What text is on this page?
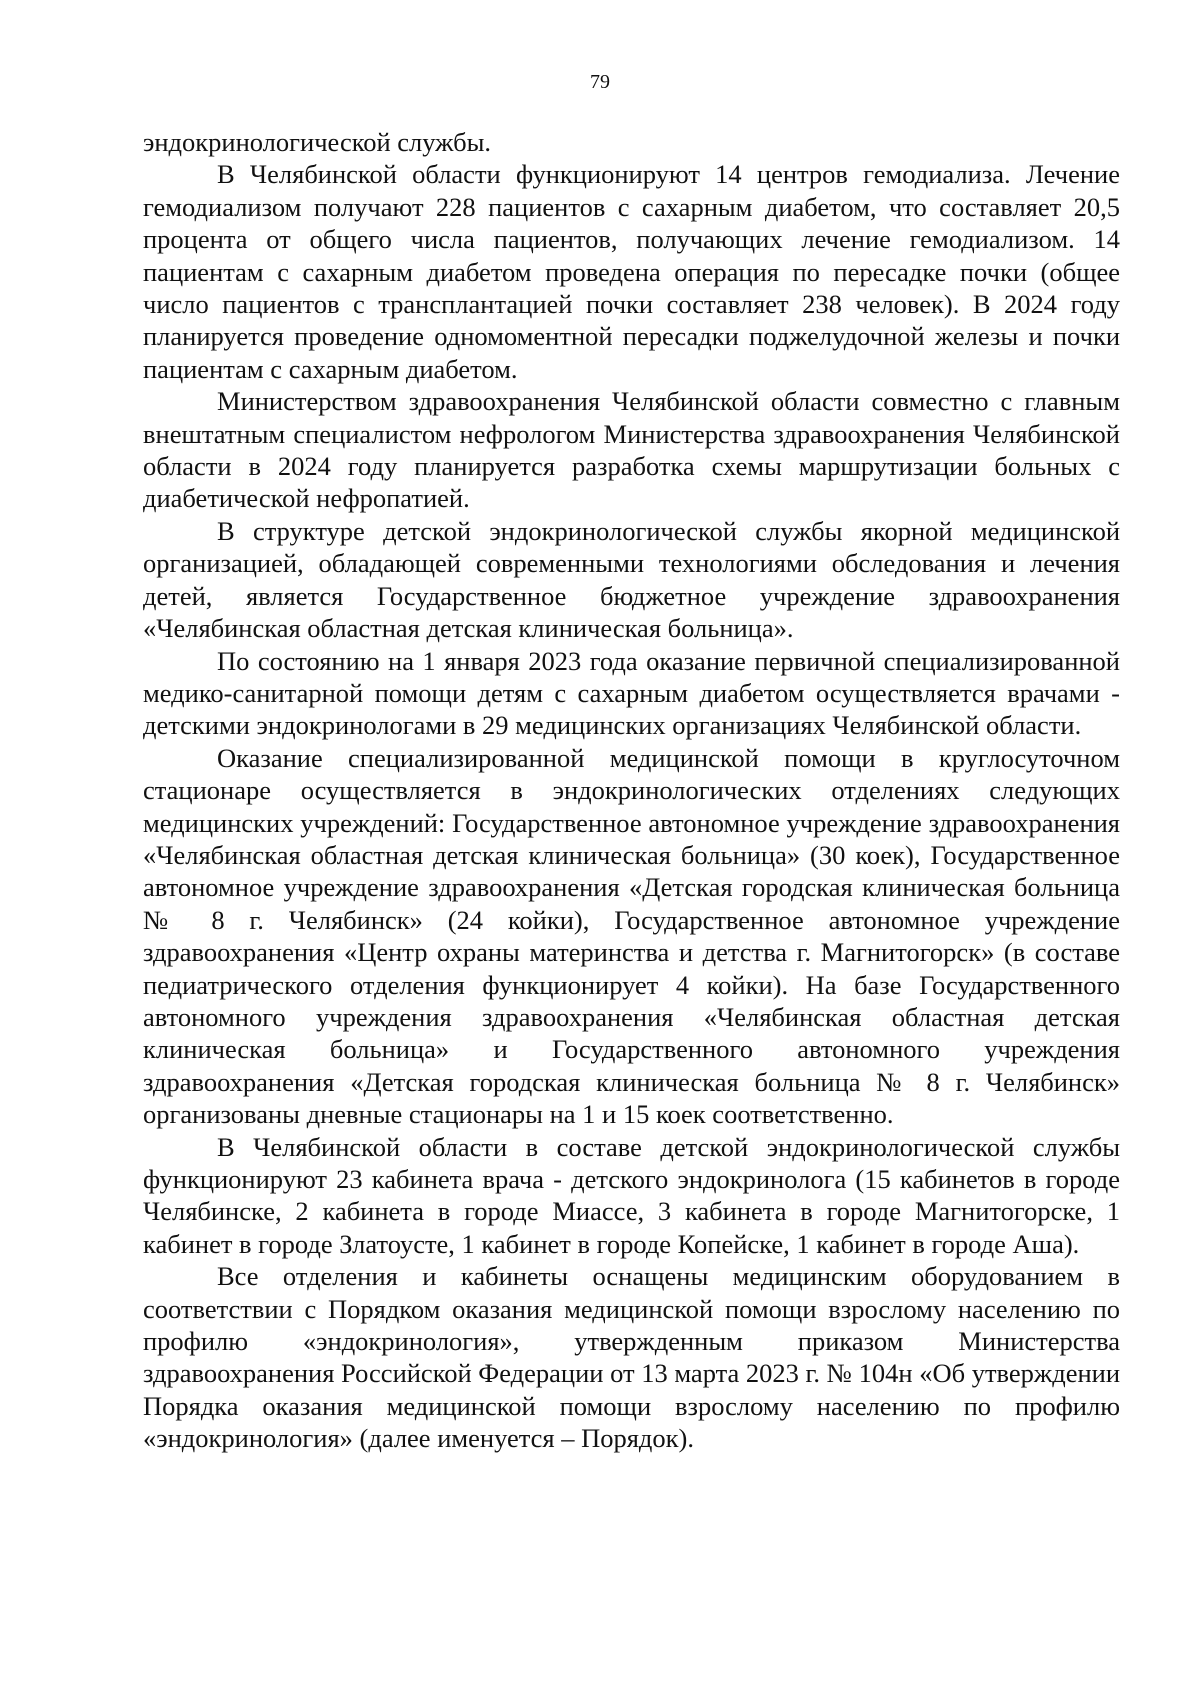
79

эндокринологической службы.

В Челябинской области функционируют 14 центров гемодиализа. Лечение гемодиализом получают 228 пациентов с сахарным диабетом, что составляет 20,5 процента от общего числа пациентов, получающих лечение гемодиализом. 14 пациентам с сахарным диабетом проведена операция по пересадке почки (общее число пациентов с трансплантацией почки составляет 238 человек). В 2024 году планируется проведение одномоментной пересадки поджелудочной железы и почки пациентам с сахарным диабетом.

Министерством здравоохранения Челябинской области совместно с главным внештатным специалистом нефрологом Министерства здравоохранения Челябинской области в 2024 году планируется разработка схемы маршрутизации больных с диабетической нефропатией.

В структуре детской эндокринологической службы якорной медицинской организацией, обладающей современными технологиями обследования и лечения детей, является Государственное бюджетное учреждение здравоохранения «Челябинская областная детская клиническая больница».

По состоянию на 1 января 2023 года оказание первичной специализированной медико-санитарной помощи детям с сахарным диабетом осуществляется врачами - детскими эндокринологами в 29 медицинских организациях Челябинской области.

Оказание специализированной медицинской помощи в круглосуточном стационаре осуществляется в эндокринологических отделениях следующих медицинских учреждений: Государственное автономное учреждение здравоохранения «Челябинская областная детская клиническая больница» (30 коек), Государственное автономное учреждение здравоохранения «Детская городская клиническая больница № 8 г. Челябинск» (24 койки), Государственное автономное учреждение здравоохранения «Центр охраны материнства и детства г. Магнитогорск» (в составе педиатрического отделения функционирует 4 койки). На базе Государственного автономного учреждения здравоохранения «Челябинская областная детская клиническая больница» и Государственного автономного учреждения здравоохранения «Детская городская клиническая больница № 8 г. Челябинск» организованы дневные стационары на 1 и 15 коек соответственно.

В Челябинской области в составе детской эндокринологической службы функционируют 23 кабинета врача - детского эндокринолога (15 кабинетов в городе Челябинске, 2 кабинета в городе Миассе, 3 кабинета в городе Магнитогорске, 1 кабинет в городе Златоусте, 1 кабинет в городе Копейске, 1 кабинет в городе Аша).

Все отделения и кабинеты оснащены медицинским оборудованием в соответствии с Порядком оказания медицинской помощи взрослому населению по профилю «эндокринология», утвержденным приказом Министерства здравоохранения Российской Федерации от 13 марта 2023 г. № 104н «Об утверждении Порядка оказания медицинской помощи взрослому населению по профилю «эндокринология» (далее именуется – Порядок).
